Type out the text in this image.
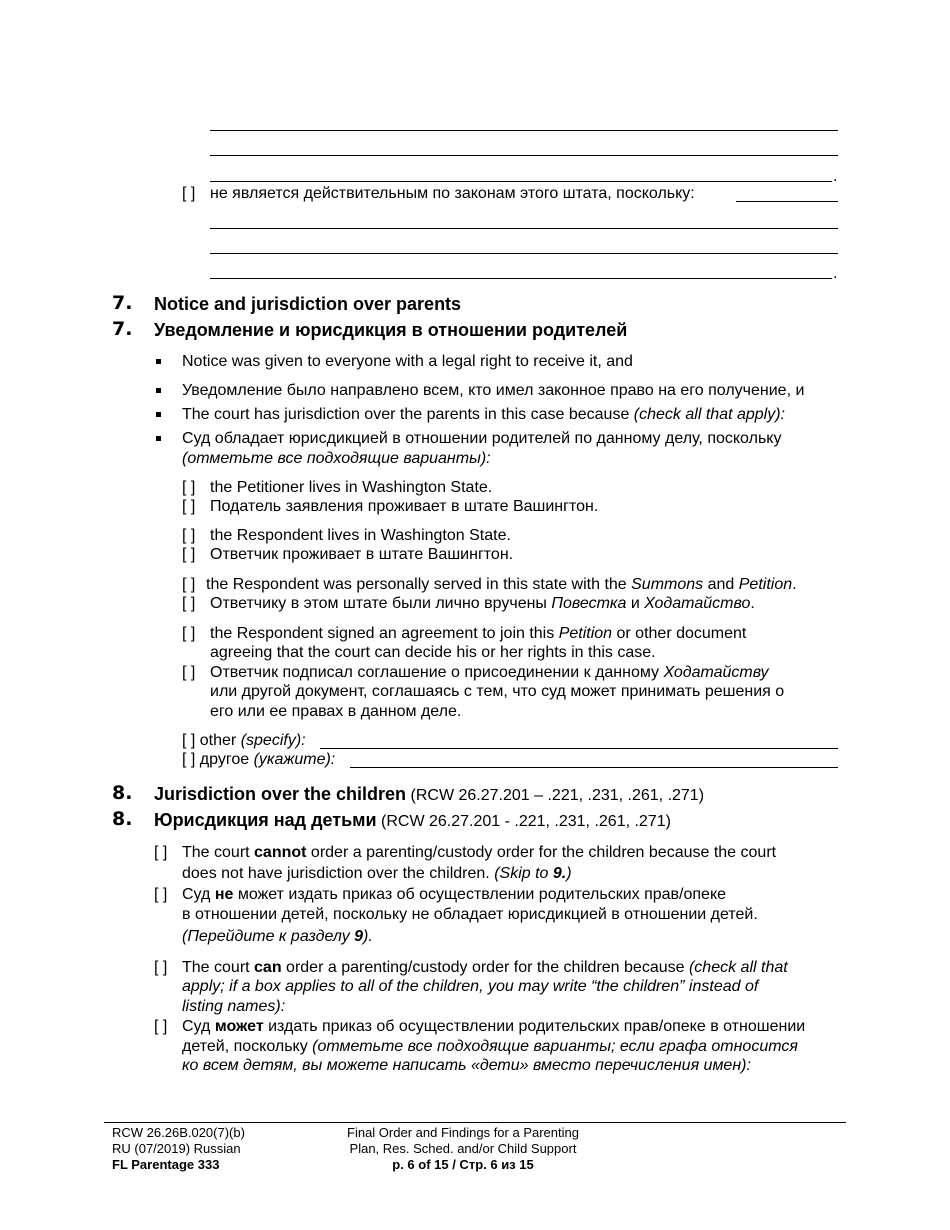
.
[ ] не является действительным по законам этого штата, поскольку:
.
7. Notice and jurisdiction over parents
7. Уведомление и юрисдикция в отношении родителей
Notice was given to everyone with a legal right to receive it, and
Уведомление было направлено всем, кто имел законное право на его получение, и
The court has jurisdiction over the parents in this case because (check all that apply):
Суд обладает юрисдикцией в отношении родителей по данному делу, поскольку
(отметьте все подходящие варианты):
[ ] the Petitioner lives in Washington State.
[ ] Податель заявления проживает в штате Вашингтон.
[ ] the Respondent lives in Washington State.
[ ] Ответчик проживает в штате Вашингтон.
[ ] the Respondent was personally served in this state with the Summons and Petition.
[ ] Ответчику в этом штате были лично вручены Повестка и Ходатайство.
[ ] the Respondent signed an agreement to join this Petition or other document
agreeing that the court can decide his or her rights in this case.
[ ] Ответчик подписал соглашение о присоединении к данному Ходатайству
или другой документ, соглашаясь с тем, что суд может принимать решения о
его или ее правах в данном деле.
[ ] other (specify):
[ ] другое (укажите):
8. Jurisdiction over the children (RCW 26.27.201 – .221, .231, .261, .271)
8. Юрисдикция над детьми (RCW 26.27.201 - .221, .231, .261, .271)
[ ] The court cannot order a parenting/custody order for the children because the court
does not have jurisdiction over the children. (Skip to 9.)
[ ] Суд не может издать приказ об осуществлении родительских прав/опеке
в отношении детей, поскольку не обладает юрисдикцией в отношении детей.
(Перейдите к разделу 9).
[ ] The court can order a parenting/custody order for the children because (check all that
apply; if a box applies to all of the children, you may write “the children” instead of
listing names):
[ ] Суд может издать приказ об осуществлении родительских прав/опеке в отношении
детей, поскольку (отметьте все подходящие варианты; если графа относится
ко всем детям, вы можете написать «дети» вместо перечисления имен):
RCW 26.26B.020(7)(b)
RU (07/2019) Russian
FL Parentage 333
Final Order and Findings for a Parenting
Plan, Res. Sched. and/or Child Support
p. 6 of 15 / Стр. 6 из 15
